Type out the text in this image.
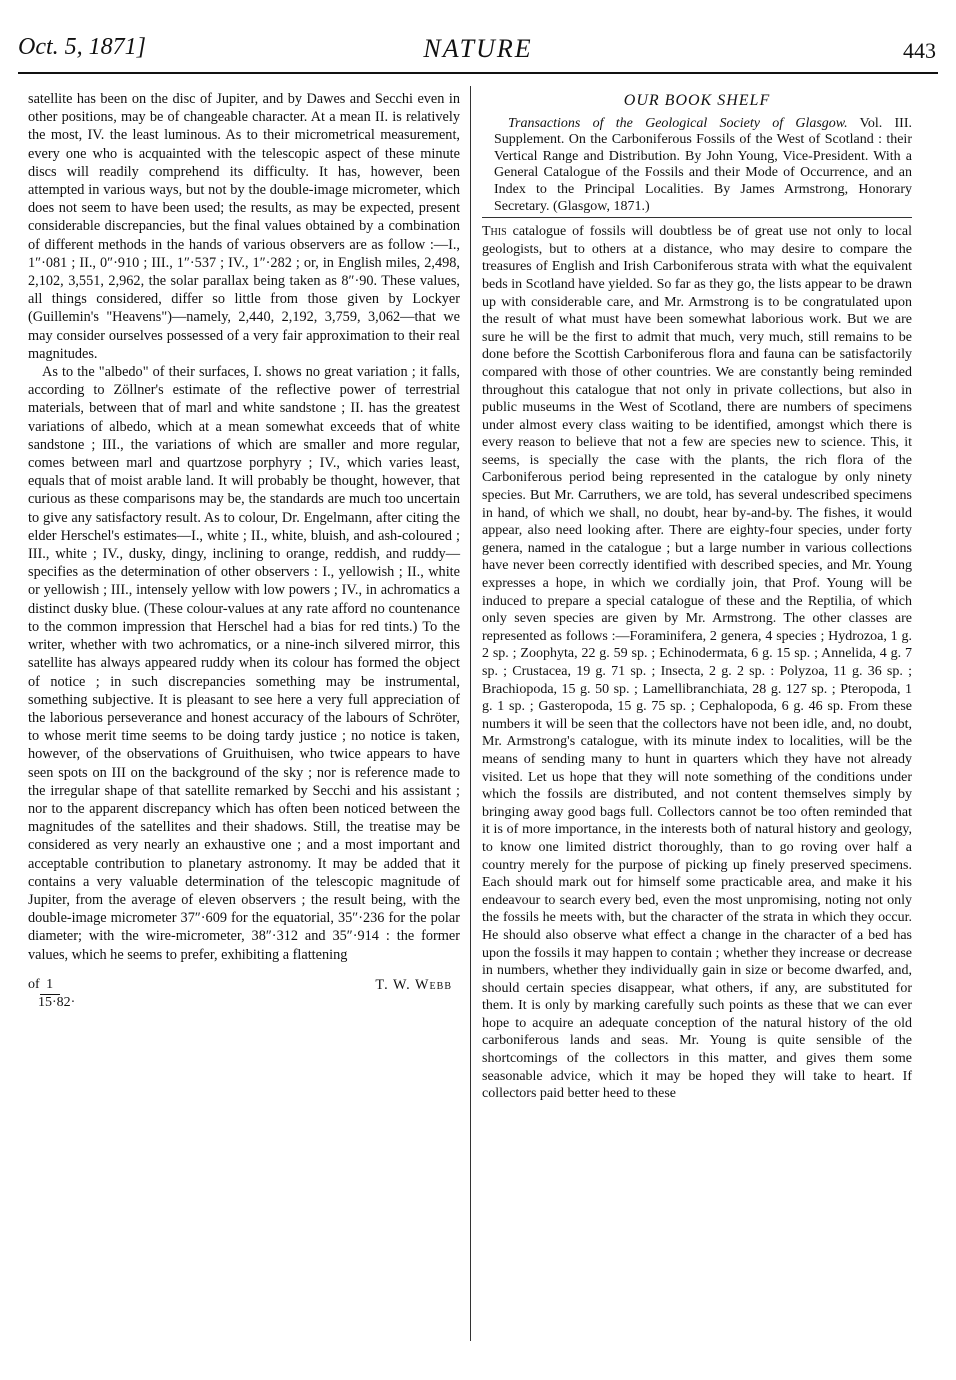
Oct. 5, 1871]	NATURE	443

satellite has been on the disc of Jupiter, and by Dawes and Secchi even in other positions, may be of changeable character. At a mean II. is relatively the most, IV. the least luminous. As to their micrometrical measurement, every one who is acquainted with the telescopic aspect of these minute discs will readily comprehend its difficulty. It has, however, been attempted in various ways, but not by the double-image micrometer, which does not seem to have been used; the results, as may be expected, present considerable discrepancies, but the final values obtained by a combination of different methods in the hands of various observers are as follow :—I., 1″·081 ; II., 0″·910 ; III., 1″·537 ; IV., 1″·282 ; or, in English miles, 2,498, 2,102, 3,551, 2,962, the solar parallax being taken as 8″·90. These values, all things considered, differ so little from those given by Lockyer (Guillemin's "Heavens")—namely, 2,440, 2,192, 3,759, 3,062—that we may consider ourselves possessed of a very fair approximation to their real magnitudes.

As to the "albedo" of their surfaces, I. shows no great variation ; it falls, according to Zöllner's estimate of the reflective power of terrestrial materials, between that of marl and white sandstone ; II. has the greatest variations of albedo, which at a mean somewhat exceeds that of white sandstone ; III., the variations of which are smaller and more regular, comes between marl and quartzose porphyry ; IV., which varies least, equals that of moist arable land. It will probably be thought, however, that curious as these comparisons may be, the standards are much too uncertain to give any satisfactory result. As to colour, Dr. Engelmann, after citing the elder Herschel's estimates—I., white ; II., white, bluish, and ash-coloured ; III., white ; IV., dusky, dingy, inclining to orange, reddish, and ruddy—specifies as the determination of other observers : I., yellowish ; II., white or yellowish ; III., intensely yellow with low powers ; IV., in achromatics a distinct dusky blue. (These colour-values at any rate afford no countenance to the common impression that Herschel had a bias for red tints.) To the writer, whether with two achromatics, or a nine-inch silvered mirror, this satellite has always appeared ruddy when its colour has formed the object of notice ; in such discrepancies something may be instrumental, something subjective. It is pleasant to see here a very full appreciation of the laborious perseverance and honest accuracy of the labours of Schröter, to whose merit time seems to be doing tardy justice ; no notice is taken, however, of the observations of Gruithuisen, who twice appears to have seen spots on III on the background of the sky ; nor is reference made to the irregular shape of that satellite remarked by Secchi and his assistant ; nor to the apparent discrepancy which has often been noticed between the magnitudes of the satellites and their shadows. Still, the treatise may be considered as very nearly an exhaustive one ; and a most important and acceptable contribution to planetary astronomy. It may be added that it contains a very valuable determination of the telescopic magnitude of Jupiter, from the average of eleven observers ; the result being, with the double-image micrometer 37″·609 for the equatorial, 35″·236 for the polar diameter; with the wire-micrometer, 38″·312 and 35″·914 : the former values, which he seems to prefer, exhibiting a flattening

of 1
15·82·
T. W. Webb
OUR BOOK SHELF

Transactions of the Geological Society of Glasgow. Vol. III. Supplement. On the Carboniferous Fossils of the West of Scotland : their Vertical Range and Distribution. By John Young, Vice-President. With a General Catalogue of the Fossils and their Mode of Occurrence, and an Index to the Principal Localities. By James Armstrong, Honorary Secretary. (Glasgow, 1871.)

This catalogue of fossils will doubtless be of great use not only to local geologists, but to others at a distance, who may desire to compare the treasures of English and Irish Carboniferous strata with what the equivalent beds in Scotland have yielded. So far as they go, the lists appear to be drawn up with considerable care, and Mr. Armstrong is to be congratulated upon the result of what must have been somewhat laborious work. But we are sure he will be the first to admit that much, very much, still remains to be done before the Scottish Carboniferous flora and fauna can be satisfactorily compared with those of other countries. We are constantly being reminded throughout this catalogue that not only in private collections, but also in public museums in the West of Scotland, there are numbers of specimens under almost every class waiting to be identified, amongst which there is every reason to believe that not a few are species new to science. This, it seems, is specially the case with the plants, the rich flora of the Carboniferous period being represented in the catalogue by only ninety species. But Mr. Carruthers, we are told, has several undescribed specimens in hand, of which we shall, no doubt, hear by-and-by. The fishes, it would appear, also need looking after. There are eighty-four species, under forty genera, named in the catalogue ; but a large number in various collections have never been correctly identified with described species, and Mr. Young expresses a hope, in which we cordially join, that Prof. Young will be induced to prepare a special catalogue of these and the Reptilia, of which only seven species are given by Mr. Armstrong. The other classes are represented as follows :—Foraminifera, 2 genera, 4 species ; Hydrozoa, 1 g. 2 sp. ; Zoophyta, 22 g. 59 sp. ; Echinodermata, 6 g. 15 sp. ; Annelida, 4 g. 7 sp. ; Crustacea, 19 g. 71 sp. ; Insecta, 2 g. 2 sp. : Polyzoa, 11 g. 36 sp. ; Brachiopoda, 15 g. 50 sp. ; Lamellibranchiata, 28 g. 127 sp. ; Pteropoda, 1 g. 1 sp. ; Gasteropoda, 15 g. 75 sp. ; Cephalopoda, 6 g. 46 sp. From these numbers it will be seen that the collectors have not been idle, and, no doubt, Mr. Armstrong's catalogue, with its minute index to localities, will be the means of sending many to hunt in quarters which they have not already visited. Let us hope that they will note something of the conditions under which the fossils are distributed, and not content themselves simply by bringing away good bags full. Collectors cannot be too often reminded that it is of more importance, in the interests both of natural history and geology, to know one limited district thoroughly, than to go roving over half a country merely for the purpose of picking up finely preserved specimens. Each should mark out for himself some practicable area, and make it his endeavour to search every bed, even the most unpromising, noting not only the fossils he meets with, but the character of the strata in which they occur. He should also observe what effect a change in the character of a bed has upon the fossils it may happen to contain ; whether they increase or decrease in numbers, whether they individually gain in size or become dwarfed, and, should certain species disappear, what others, if any, are substituted for them. It is only by marking carefully such points as these that we can ever hope to acquire an adequate conception of the natural history of the old carboniferous lands and seas. Mr. Young is quite sensible of the shortcomings of the collectors in this matter, and gives them some seasonable advice, which it may be hoped they will take to heart. If collectors paid better heed to these
